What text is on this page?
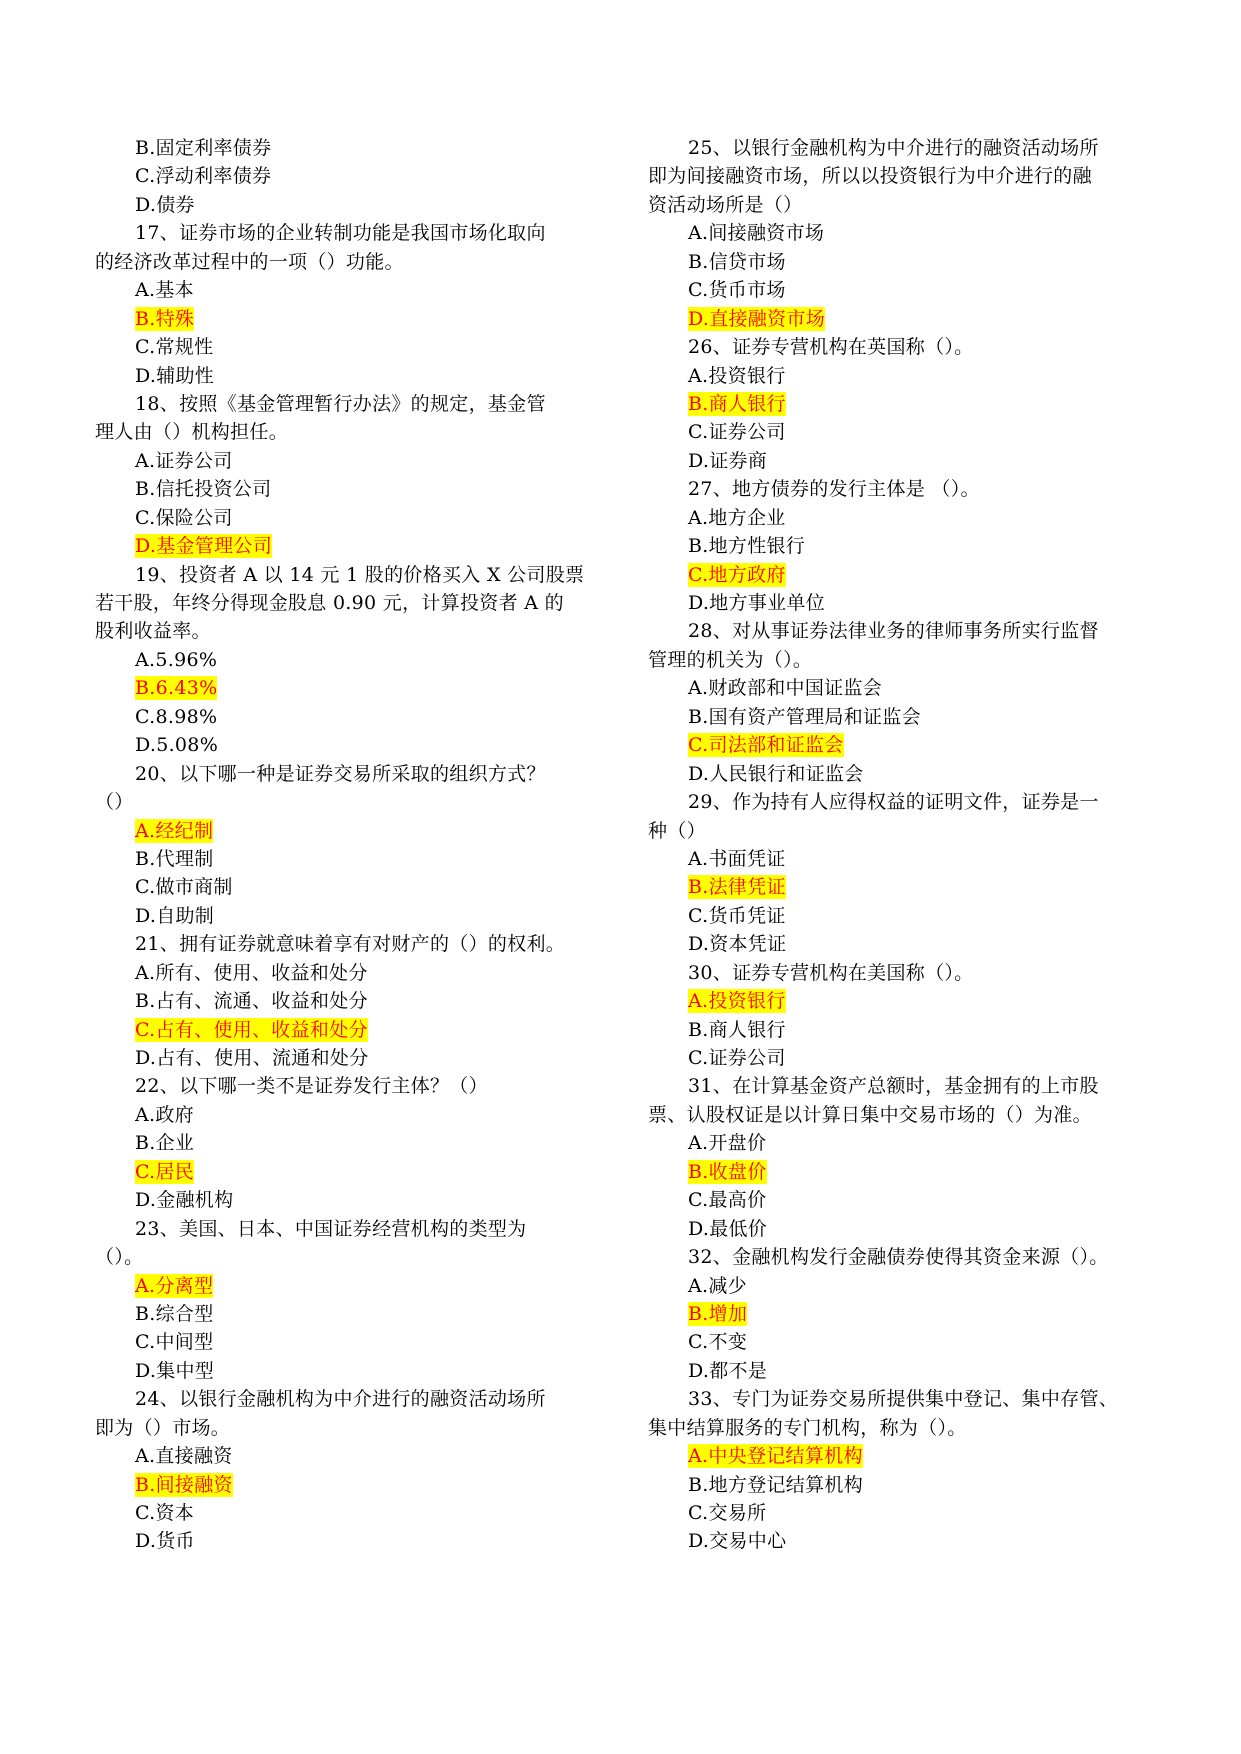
B.固定利率债券
C.浮动利率债券
D.债券
17、证券市场的企业转制功能是我国市场化取向
的经济改革过程中的一项（）功能。
A.基本
B.特殊
C.常规性
D.辅助性
18、按照《基金管理暂行办法》的规定，基金管
理人由（）机构担任。
A.证券公司
B.信托投资公司
C.保险公司
D.基金管理公司
19、投资者 A 以 14 元 1 股的价格买入 X 公司股票
若干股，年终分得现金股息 0.90 元，计算投资者 A 的
股利收益率。
A.5.96%
B.6.43%
C.8.98%
D.5.08%
20、以下哪一种是证券交易所采取的组织方式？
（）
A.经纪制
B.代理制
C.做市商制
D.自助制
21、拥有证券就意味着享有对财产的（）的权利。
A.所有、使用、收益和处分
B.占有、流通、收益和处分
C.占有、使用、收益和处分
D.占有、使用、流通和处分
22、以下哪一类不是证券发行主体？（）
A.政府
B.企业
C.居民
D.金融机构
23、美国、日本、中国证券经营机构的类型为
（）。
A.分离型
B.综合型
C.中间型
D.集中型
24、以银行金融机构为中介进行的融资活动场所
即为（）市场。
A.直接融资
B.间接融资
C.资本
D.货币
25、以银行金融机构为中介进行的融资活动场所
即为间接融资市场，所以以投资银行为中介进行的融
资活动场所是（）
A.间接融资市场
B.信贷市场
C.货币市场
D.直接融资市场
26、证券专营机构在英国称（）。
A.投资银行
B.商人银行
C.证券公司
D.证券商
27、地方债券的发行主体是 （）。
A.地方企业
B.地方性银行
C.地方政府
D.地方事业单位
28、对从事证券法律业务的律师事务所实行监督
管理的机关为（）。
A.财政部和中国证监会
B.国有资产管理局和证监会
C.司法部和证监会
D.人民银行和证监会
29、作为持有人应得权益的证明文件，证券是一
种（）
A.书面凭证
B.法律凭证
C.货币凭证
D.资本凭证
30、证券专营机构在美国称（）。
A.投资银行
B.商人银行
C.证券公司
31、在计算基金资产总额时，基金拥有的上市股
票、认股权证是以计算日集中交易市场的（）为准。
A.开盘价
B.收盘价
C.最高价
D.最低价
32、金融机构发行金融债券使得其资金来源（）。
A.减少
B.增加
C.不变
D.都不是
33、专门为证券交易所提供集中登记、集中存管、
集中结算服务的专门机构，称为（）。
A.中央登记结算机构
B.地方登记结算机构
C.交易所
D.交易中心
